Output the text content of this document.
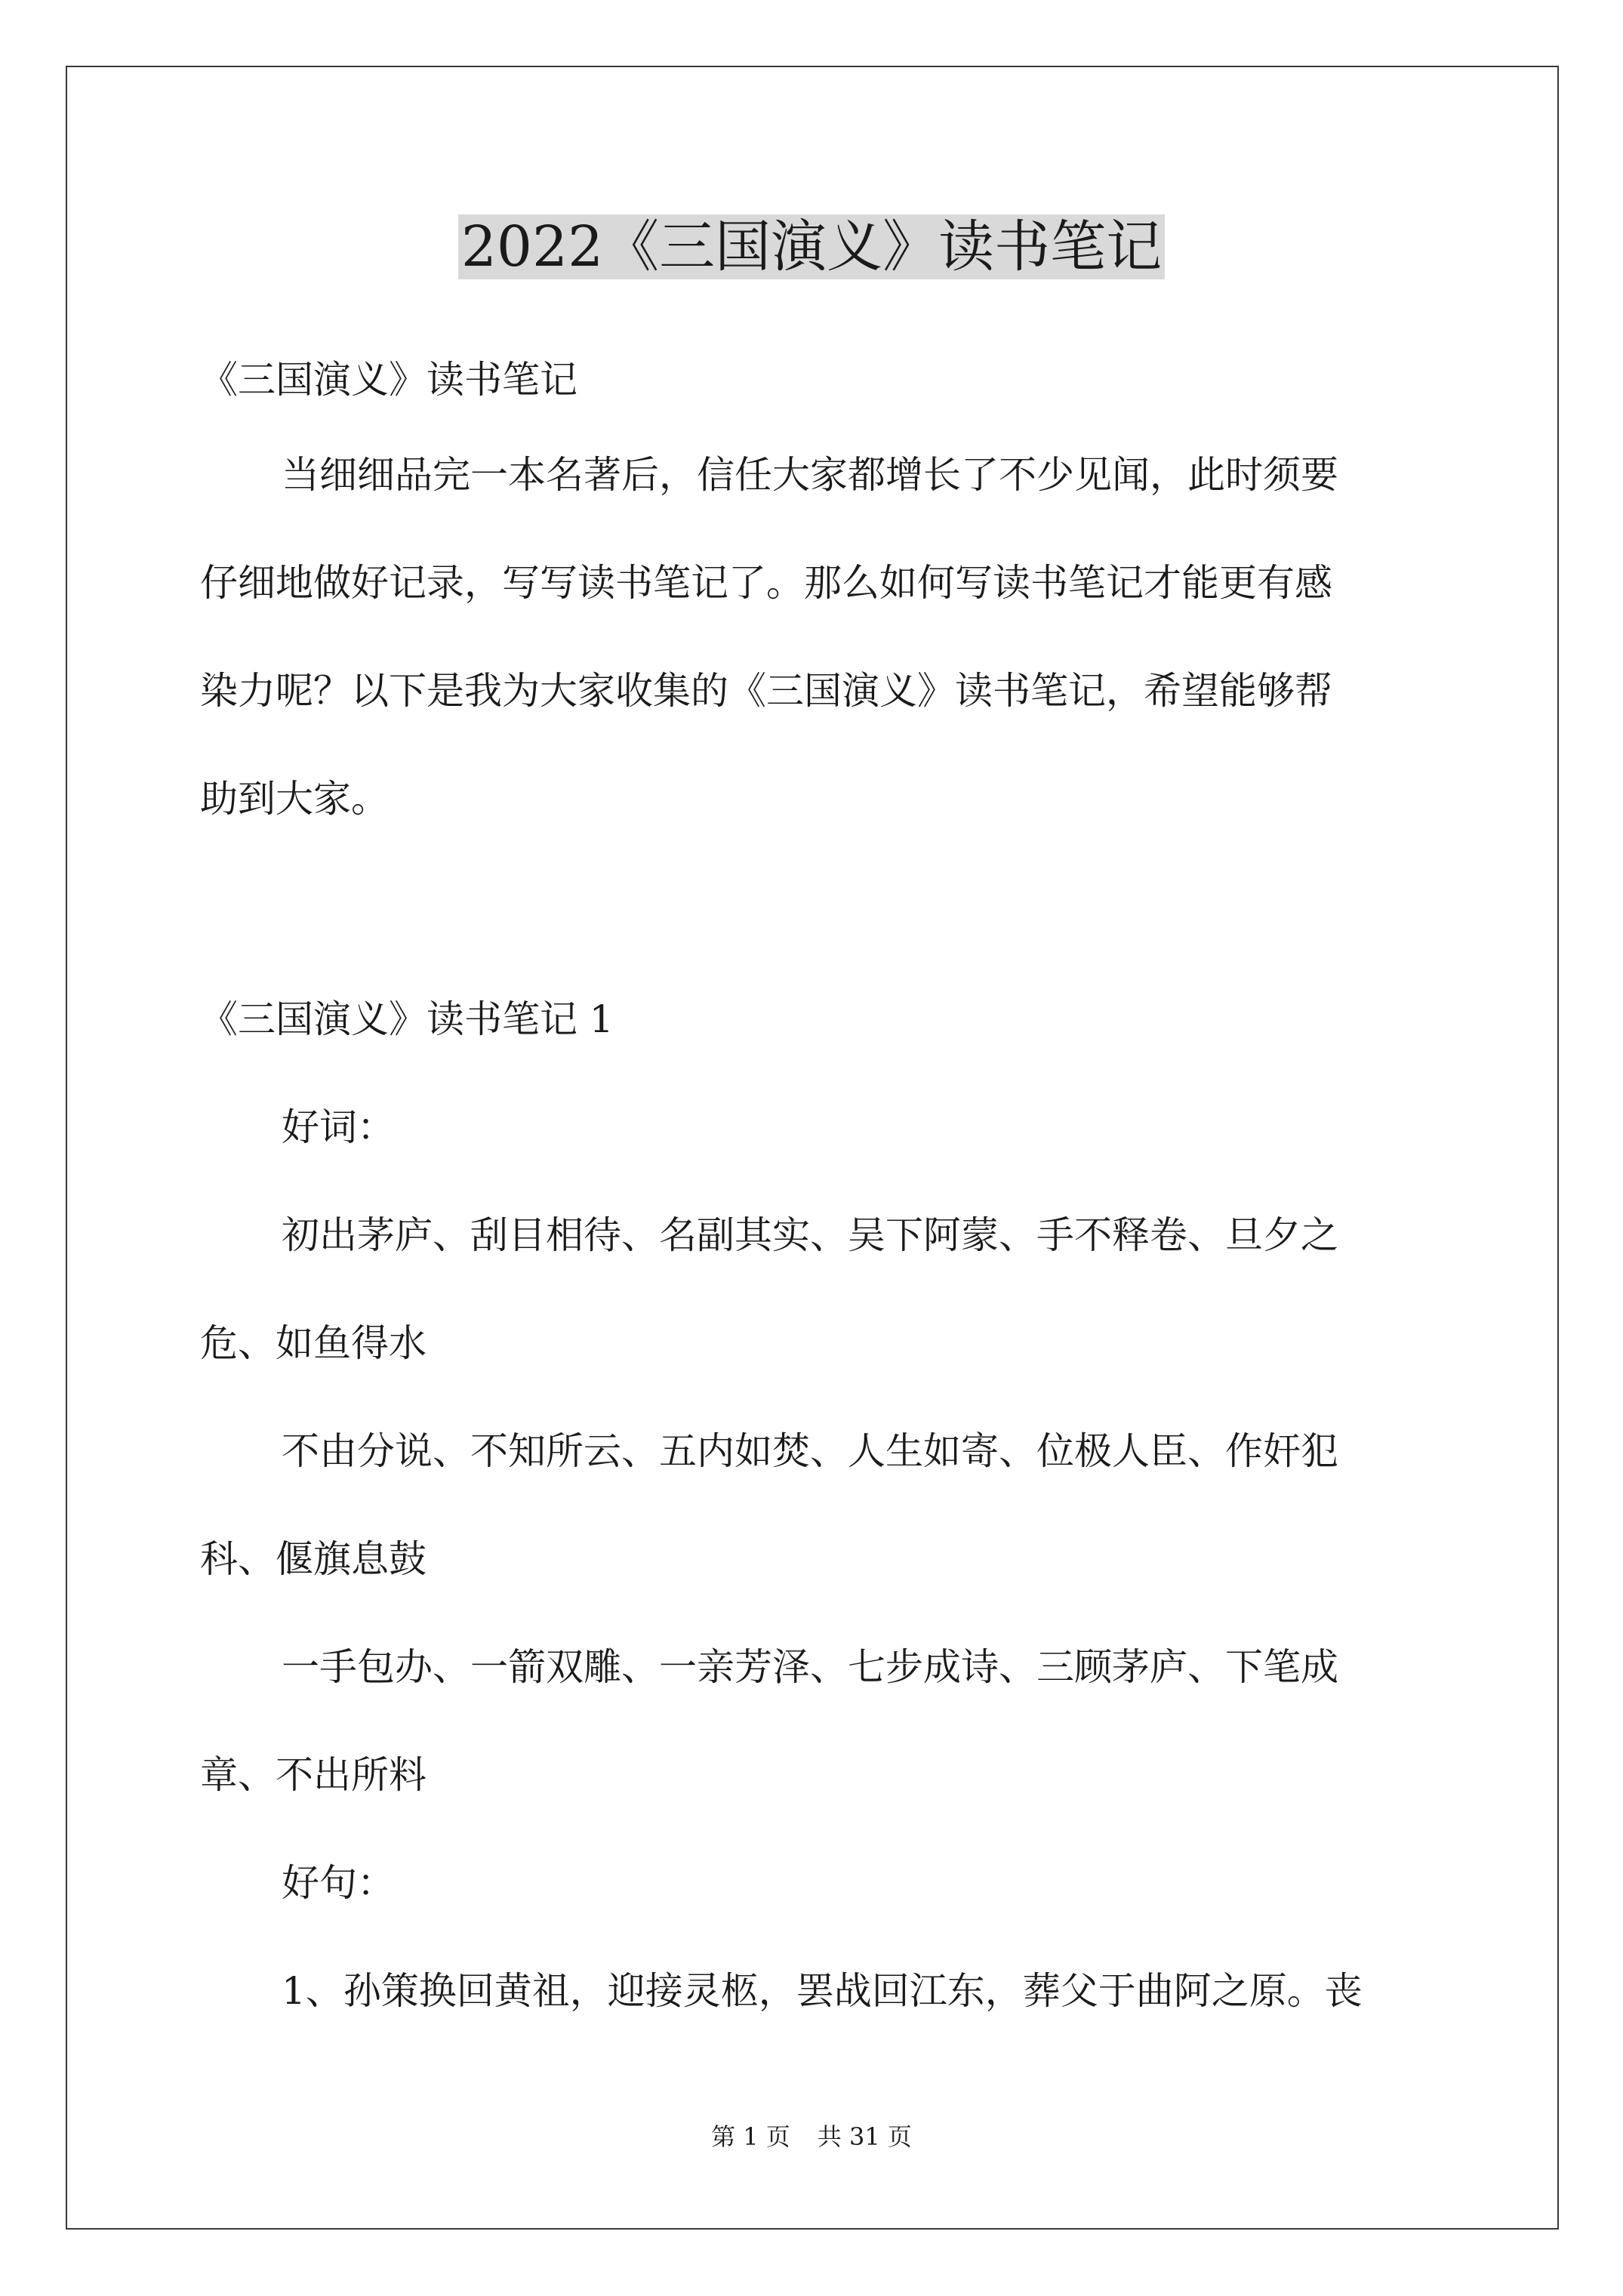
2022《三国演义》读书笔记

《三国演义》读书笔记

当细细品完一本名著后，信任大家都增长了不少见闻，此时须要

仔细地做好记录，写写读书笔记了。那么如何写读书笔记才能更有感

染力呢？以下是我为大家收集的《三国演义》读书笔记，希望能够帮

助到大家。

《三国演义》读书笔记 1

好词：

初出茅庐、刮目相待、名副其实、吴下阿蒙、手不释卷、旦夕之

危、如鱼得水

不由分说、不知所云、五内如焚、人生如寄、位极人臣、作奸犯

科、偃旗息鼓

一手包办、一箭双雕、一亲芳泽、七步成诗、三顾茅庐、下笔成

章、不出所料

好句：

1、孙策换回黄祖，迎接灵柩，罢战回江东，葬父于曲阿之原。丧

第 1 页 共 31 页
